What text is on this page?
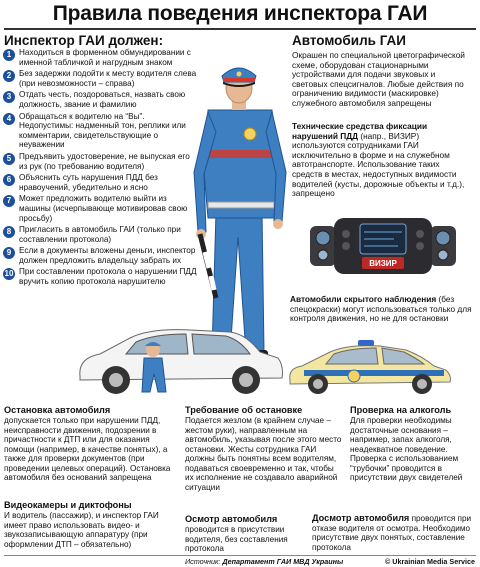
Правила поведения инспектора ГАИ
Инспектор ГАИ должен:
1 Находиться в форменном обмундировании с именной табличкой и нагрудным знаком
2 Без задержки подойти к месту водителя слева (при невозможности – справа)
3 Отдать честь, поздороваться, назвать свою должность, звание и фамилию
4 Обращаться к водителю на “Вы”. Недопустимы: надменный тон, реплики или комментарии, свидетельствующие о неуважении
5 Предъявить удостоверение, не выпуская его из рук (по требованию водителя)
6 Объяснить суть нарушения ПДД без нравоучений, убедительно и ясно
7 Может предложить водителю выйти из машины (исчерпывающе мотивировав свою просьбу)
8 Пригласить в автомобиль ГАИ (только при составлении протокола)
9 Если в документы вложены деньги, инспектор должен предложить владельцу забрать их
10 При составлении протокола о нарушении ПДД вручить копию протокола нарушителю
Автомобиль ГАИ
Окрашен по специальной цветографической схеме, оборудован стационарными устройствами для подачи звуковых и световых спецсигналов. Любые действия по ограничению видимости (маскировке) служебного автомобиля запрещены
Технические средства фиксации нарушений ПДД (напр., ВИЗИР) используются сотрудниками ГАИ исключительно в форме и на служебном автотранспорте. Использование таких средств в местах, недоступных видимости водителей (кусты, дорожные объекты и т.д.), запрещено
ВИЗИР
Автомобили скрытого наблюдения (без спецокраски) могут использоваться только для контроля движения, но не для остановки
Остановка автомобиля
допускается только при нарушении ПДД, неисправности движения, подозрении в причастности к ДТП или для оказания помощи (например, в качестве понятых), а также для проверки документов (при проведении целевых операций). Остановка автомобиля без оснований запрещена
Видеокамеры и диктофоны
И водитель (пассажир), и инспектор ГАИ имеет право использовать видео- и звукозаписывающую аппаратуру (при оформлении ДТП – обязательно)
Требование об остановке
Подается жезлом (в крайнем случае – жестом руки), направленным на автомобиль, указывая после этого место остановки. Жесты сотрудника ГАИ должны быть понятны всем водителям, подаваться своевременно и так, чтобы их исполнение не создавало аварийной ситуации
Осмотр автомобиля
проводится в присутствии водителя, без составления протокола
Проверка на алкоголь
Для проверки необходимы достаточные основания – например, запах алкоголя, неадекватное поведение. Проверка с использованием “трубочки” проводится в присутствии двух свидетелей
Досмотр автомобиля проводится при отказе водителя от осмотра. Необходимо присутствие двух понятых, составление протокола
Источник: Департамент ГАИ МВД Украины	© Ukrainian Media Service
